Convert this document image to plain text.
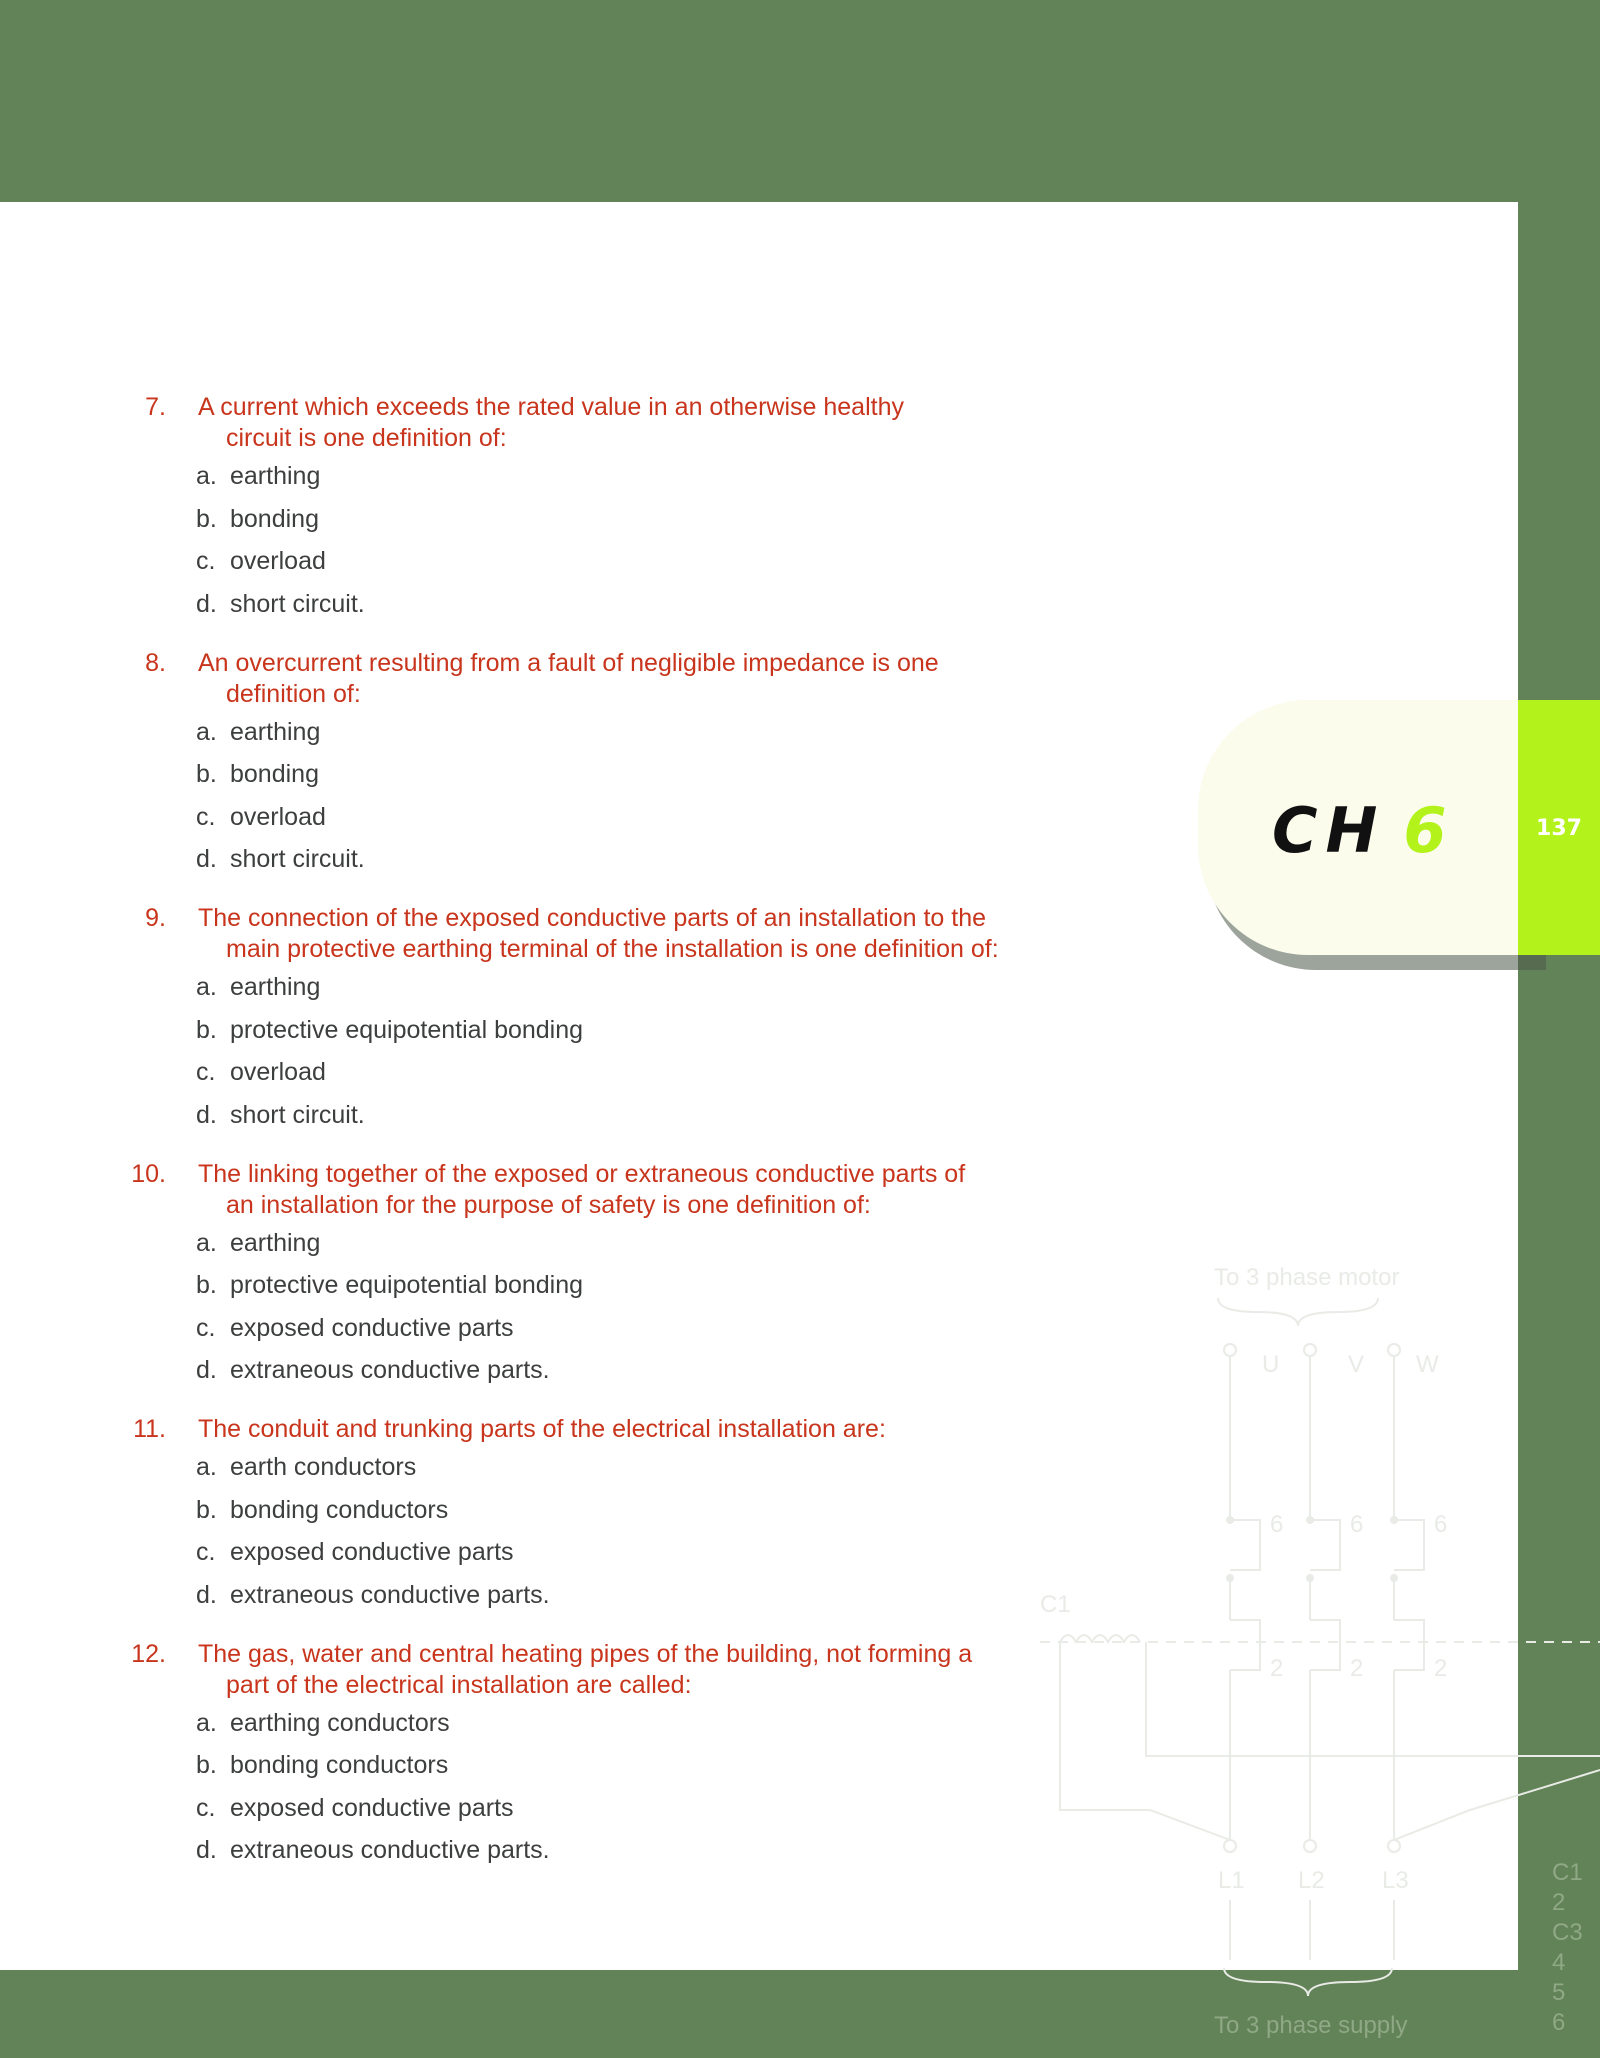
To 3 phase motor
U	V W
6	6	6
2	2	2
C1
L1 L2 L3
To 3 phase supply
C1
2
C3
4
5
6
CH 6	137
7. A current which exceeds the rated value in an otherwise healthy
circuit is one definition of:
a. earthing
b. bonding
c. overload
d. short circuit.
8. An overcurrent resulting from a fault of negligible impedance is one
definition of:
a. earthing
b. bonding
c. overload
d. short circuit.
9. The connection of the exposed conductive parts of an installation to the
main protective earthing terminal of the installation is one definition of:
a. earthing
b. protective equipotential bonding
c. overload
d. short circuit.
10. The linking together of the exposed or extraneous conductive parts of
an installation for the purpose of safety is one definition of:
a. earthing
b. protective equipotential bonding
c. exposed conductive parts
d. extraneous conductive parts.
11. The conduit and trunking parts of the electrical installation are:
a. earth conductors
b. bonding conductors
c. exposed conductive parts
d. extraneous conductive parts.
12. The gas, water and central heating pipes of the building, not forming a
part of the electrical installation are called:
a. earthing conductors
b. bonding conductors
c. exposed conductive parts
d. extraneous conductive parts.
